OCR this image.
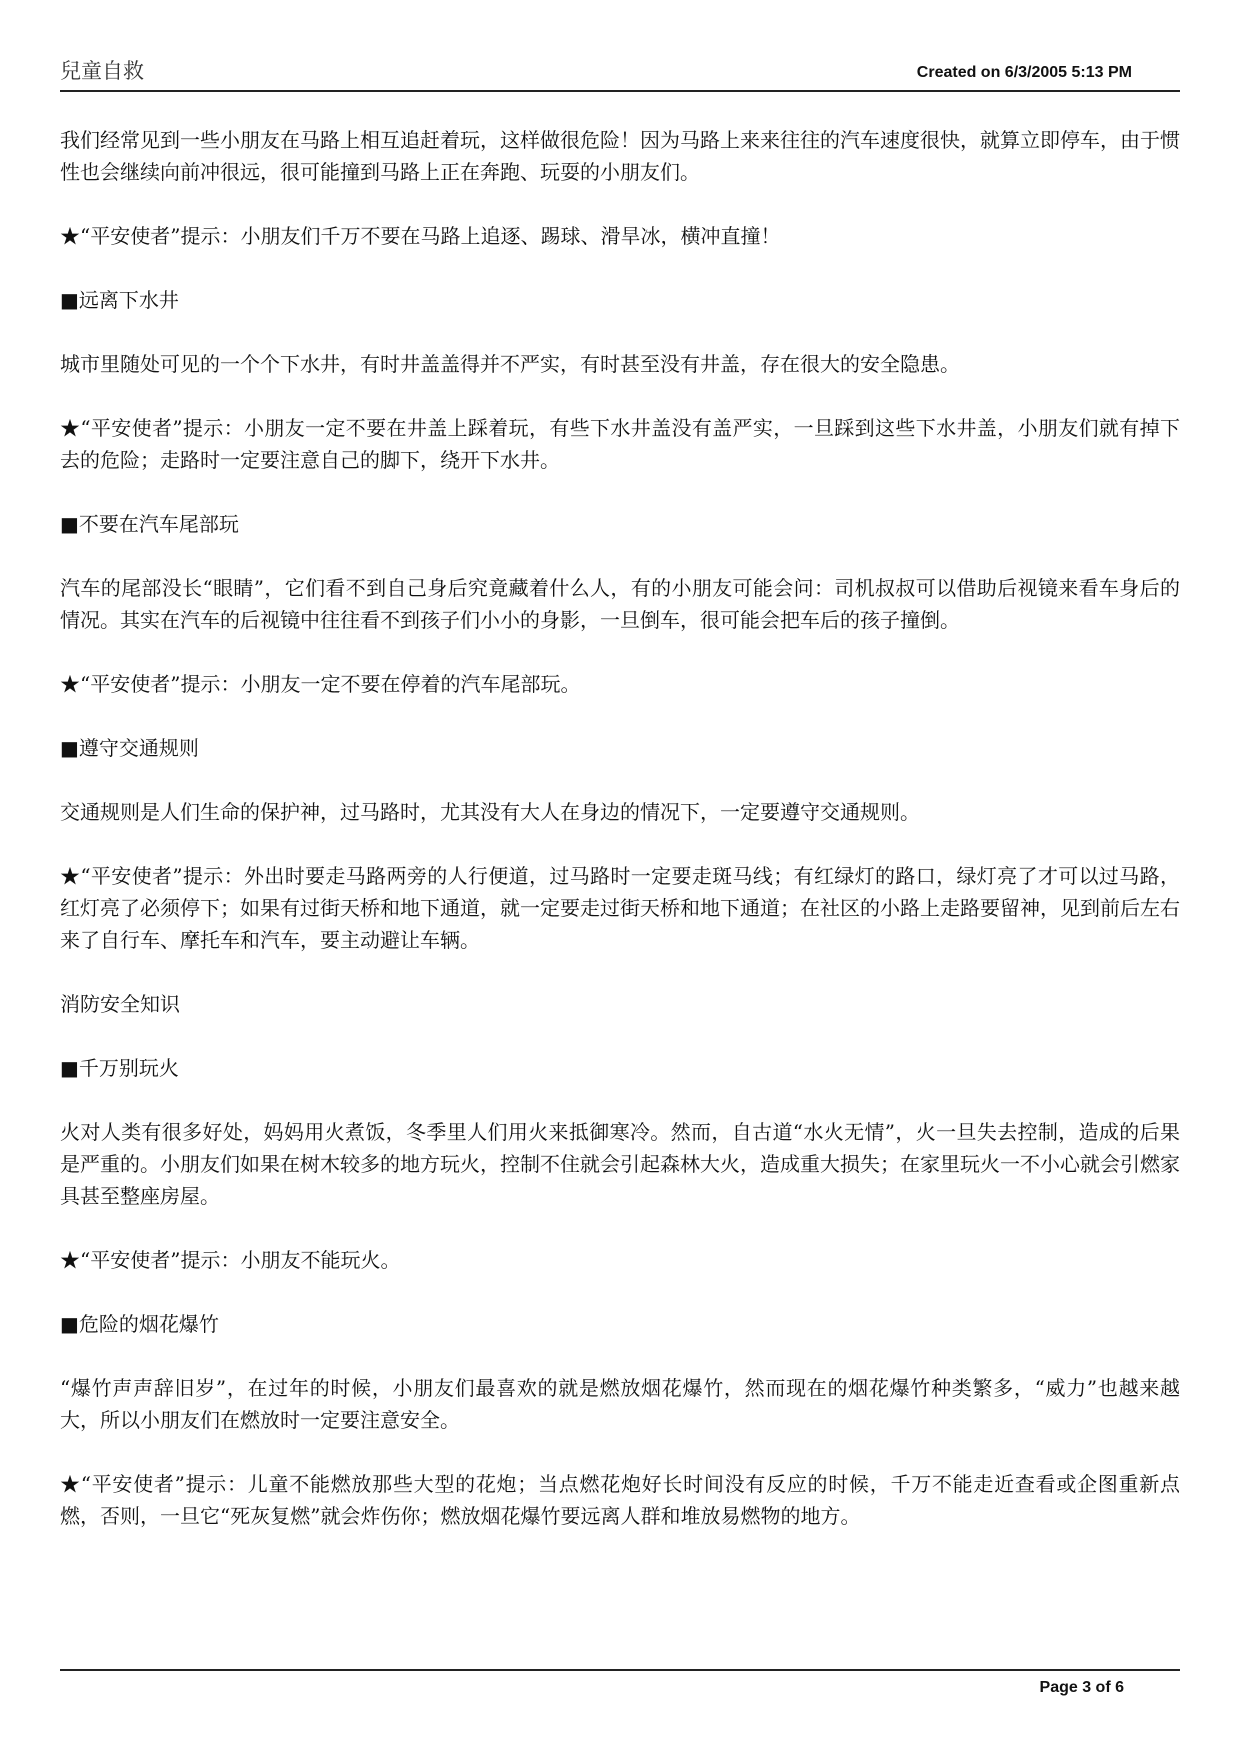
兒童自救	Created on 6/3/2005 5:13 PM

我们经常见到一些小朋友在马路上相互追赶着玩，这样做很危险！因为马路上来来往往的汽车速度很快，就算立即停车，由于惯性也会继续向前冲很远，很可能撞到马路上正在奔跑、玩耍的小朋友们。

★“平安使者”提示：小朋友们千万不要在马路上追逐、踢球、滑旱冰，横冲直撞！

■远离下水井

城市里随处可见的一个个下水井，有时井盖盖得并不严实，有时甚至没有井盖，存在很大的安全隐患。

★“平安使者”提示：小朋友一定不要在井盖上踩着玩，有些下水井盖没有盖严实，一旦踩到这些下水井盖，小朋友们就有掉下去的危险；走路时一定要注意自己的脚下，绕开下水井。

■不要在汽车尾部玩

汽车的尾部没长“眼睛”，它们看不到自己身后究竟藏着什么人，有的小朋友可能会问：司机叔叔可以借助后视镜来看车身后的情况。其实在汽车的后视镜中往往看不到孩子们小小的身影，一旦倒车，很可能会把车后的孩子撞倒。

★“平安使者”提示：小朋友一定不要在停着的汽车尾部玩。

■遵守交通规则

交通规则是人们生命的保护神，过马路时，尤其没有大人在身边的情况下，一定要遵守交通规则。

★“平安使者”提示：外出时要走马路两旁的人行便道，过马路时一定要走斑马线；有红绿灯的路口，绿灯亮了才可以过马路，红灯亮了必须停下；如果有过街天桥和地下通道，就一定要走过街天桥和地下通道；在社区的小路上走路要留神，见到前后左右来了自行车、摩托车和汽车，要主动避让车辆。

消防安全知识

■千万别玩火

火对人类有很多好处，妈妈用火煮饭，冬季里人们用火来抵御寒冷。然而，自古道“水火无情”，火一旦失去控制，造成的后果是严重的。小朋友们如果在树木较多的地方玩火，控制不住就会引起森林大火，造成重大损失；在家里玩火一不小心就会引燃家具甚至整座房屋。

★“平安使者”提示：小朋友不能玩火。

■危险的烟花爆竹

“爆竹声声辞旧岁”，在过年的时候，小朋友们最喜欢的就是燃放烟花爆竹，然而现在的烟花爆竹种类繁多，“威力”也越来越大，所以小朋友们在燃放时一定要注意安全。

★“平安使者”提示：儿童不能燃放那些大型的花炮；当点燃花炮好长时间没有反应的时候，千万不能走近查看或企图重新点燃，否则，一旦它“死灰复燃”就会炸伤你；燃放烟花爆竹要远离人群和堆放易燃物的地方。

Page 3 of 6
